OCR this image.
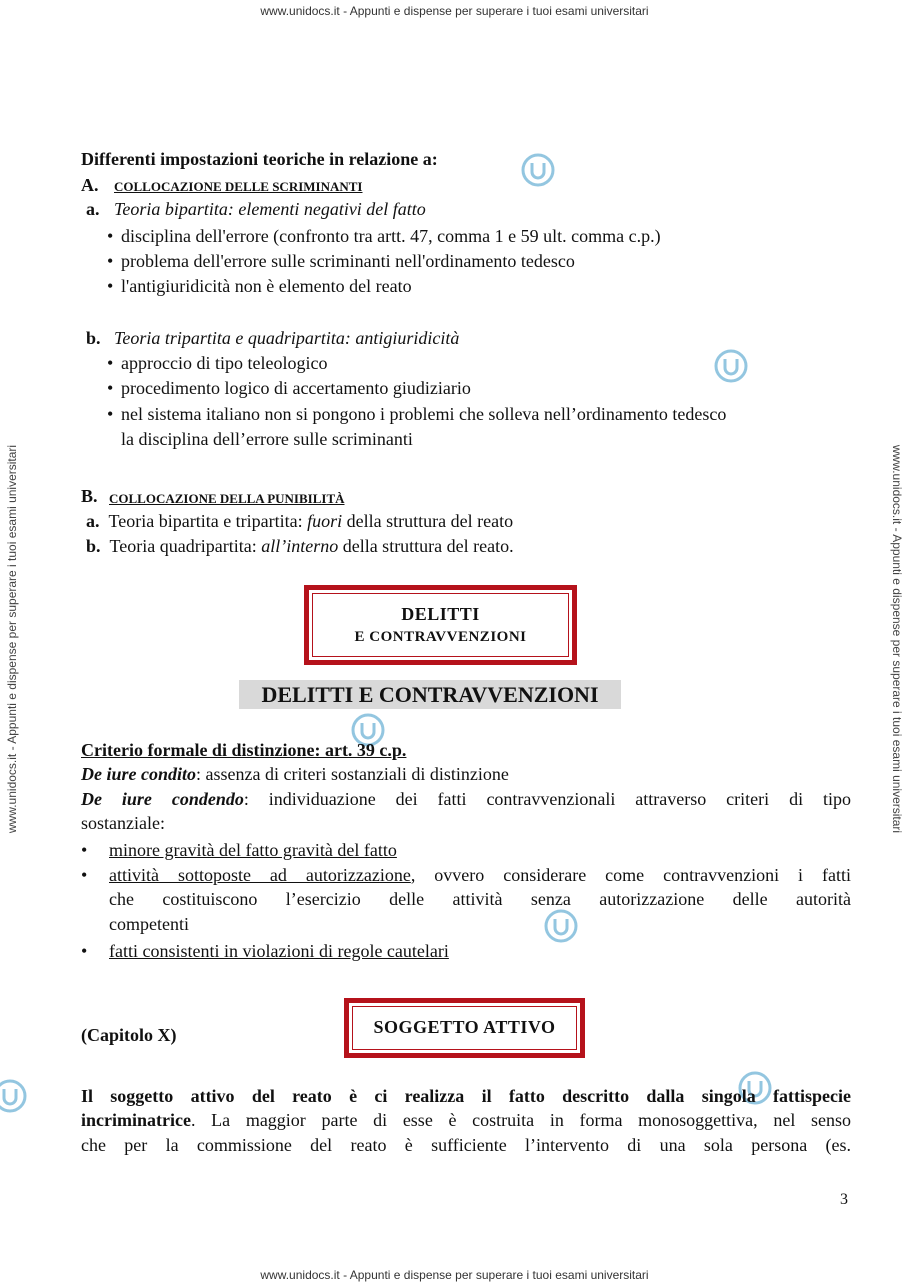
www.unidocs.it - Appunti e dispense per superare i tuoi esami universitari
www.unidocs.it - Appunti e dispense per superare i tuoi esami universitari
www.unidocs.it - Appunti e dispense per superare i tuoi esami universitari	www.unidocs.it - Appunti e dispense per superare i tuoi esami universitari
Differenti impostazioni teoriche in relazione a:
A. COLLOCAZIONE DELLE SCRIMINANTI
a. Teoria bipartita: elementi negativi del fatto
• disciplina dell'errore (confronto tra artt. 47, comma 1 e 59 ult. comma c.p.)
• problema dell'errore sulle scriminanti nell'ordinamento tedesco
• l'antigiuridicità non è elemento del reato
b. Teoria tripartita e quadripartita: antigiuridicità
• approccio di tipo teleologico
• procedimento logico di accertamento giudiziario
• nel sistema italiano non si pongono i problemi che solleva nell’ordinamento tedesco
la disciplina dell’errore sulle scriminanti
B. COLLOCAZIONE DELLA PUNIBILITÀ
a. Teoria bipartita e tripartita: fuori della struttura del reato
b. Teoria quadripartita: all’interno della struttura del reato.
DELITTI
E CONTRAVVENZIONI
DELITTI E CONTRAVVENZIONI
Criterio formale di distinzione: art. 39 c.p.
De iure condito: assenza di criteri sostanziali di distinzione
De iure condendo: individuazione dei fatti contravvenzionali attraverso criteri di tipo
sostanziale:
• minore gravità del fatto gravità del fatto
• attività sottoposte ad autorizzazione, ovvero considerare come contravvenzioni i fatti
che costituiscono l’esercizio delle attività senza autorizzazione delle autorità
competenti
• fatti consistenti in violazioni di regole cautelari
(Capitolo X)	SOGGETTO ATTIVO
Il soggetto attivo del reato è ci realizza il fatto descritto dalla singola fattispecie
incriminatrice. La maggior parte di esse è costruita in forma monosoggettiva, nel senso
che per la commissione del reato è sufficiente l’intervento di una sola persona (es.
3
